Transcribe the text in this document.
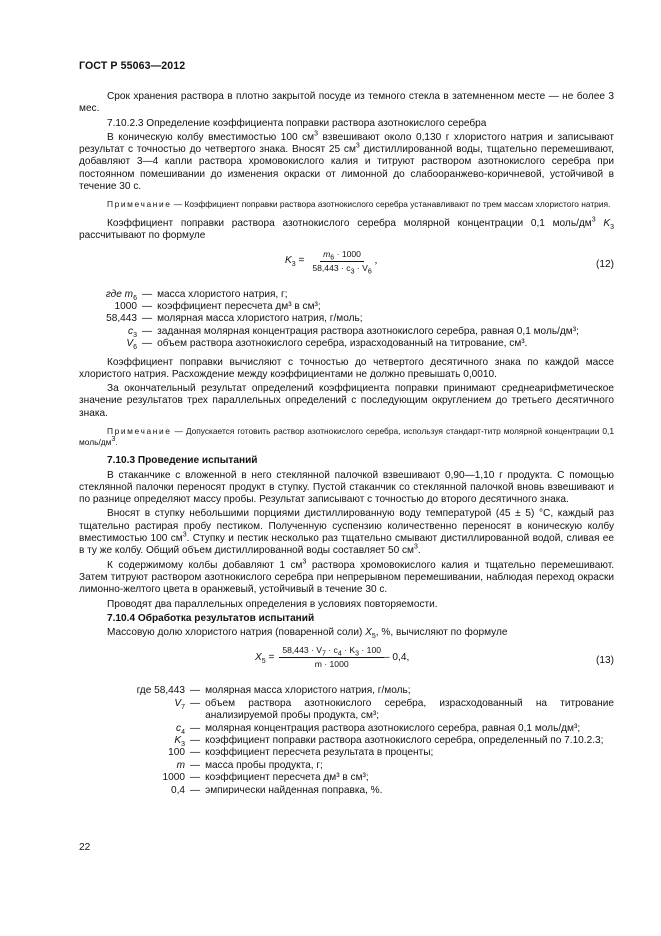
ГОСТ Р 55063—2012

Срок хранения раствора в плотно закрытой посуде из темного стекла в затемненном месте — не более 3 мес.

7.10.2.3 Определение коэффициента поправки раствора азотнокислого серебра

В коническую колбу вместимостью 100 $см^3$ взвешивают около 0,130 г хлористого натрия и записывают результат с точностью до четвертого знака. Вносят 25 $см^3$ дистиллированной воды, тщательно перемешивают, добавляют 3—4 капли раствора хромовокислого калия и титруют раствором азотнокислого серебра при постоянном помешивании до изменения окраски от лимонной до слабооранжево-коричневой, устойчивой в течение 30 с.

Примечание — Коэффициент поправки раствора азотнокислого серебра устанавливают по трем массам хлористого натрия.

Коэффициент поправки раствора азотнокислого серебра молярной концентрации 0,1 моль/$дм^3$ $K_3$ рассчитывают по формуле

$K_3 = \frac{m_6 \cdot 1000}{58,443 \cdot c_3 \cdot V_6}$ ,	(12)
где $m_6$ — масса хлористого натрия, г;
1000 — коэффициент пересчета дм³ в см³;
58,443 — молярная масса хлористого натрия, г/моль;
$c_3$ — заданная молярная концентрация раствора азотнокислого серебра, равная 0,1 моль/дм³;
$V_6$ — объем раствора азотнокислого серебра, израсходованный на титрование, см³.

Коэффициент поправки вычисляют с точностью до четвертого десятичного знака по каждой массе хлористого натрия. Расхождение между коэффициентами не должно превышать 0,0010.

За окончательный результат определений коэффициента поправки принимают среднеарифметическое значение результатов трех параллельных определений с последующим округлением до третьего десятичного знака.

Примечание — Допускается готовить раствор азотнокислого серебра, используя стандарт-титр молярной концентрации 0,1 моль/$дм^3$.

7.10.3 Проведение испытаний

В стаканчике с вложенной в него стеклянной палочкой взвешивают 0,90—1,10 г продукта. С помощью стеклянной палочки переносят продукт в ступку. Пустой стаканчик со стеклянной палочкой вновь взвешивают и по разнице определяют массу пробы. Результат записывают с точностью до второго десятичного знака.

Вносят в ступку небольшими порциями дистиллированную воду температурой (45 ± 5) °С, каждый раз тщательно растирая пробу пестиком. Полученную суспензию количественно переносят в коническую колбу вместимостью 100 $см^3$. Ступку и пестик несколько раз тщательно смывают дистиллированной водой, сливая ее в ту же колбу. Общий объем дистиллированной воды составляет 50 $см^3$.

К содержимому колбы добавляют 1 $см^3$ раствора хромовокислого калия и тщательно перемешивают. Затем титруют раствором азотнокислого серебра при непрерывном перемешивании, наблюдая переход окраски лимонно-желтого цвета в оранжевый, устойчивый в течение 30 с.

Проводят два параллельных определения в условиях повторяемости.

7.10.4 Обработка результатов испытаний

Массовую долю хлористого натрия (поваренной соли) $X_5$, %, вычисляют по формуле

$X_5 = \frac{58,443 \cdot V_7 \cdot c_4 \cdot K_3 \cdot 100}{m \cdot 1000} - 0,4$,	(13)
где 58,443 — молярная масса хлористого натрия, г/моль;
$V_7$ — объем раствора азотнокислого серебра, израсходованный на титрование анализируемой пробы продукта, см³;
$c_4$ — молярная концентрация раствора азотнокислого серебра, равная 0,1 моль/дм³;
$K_3$ — коэффициент поправки раствора азотнокислого серебра, определенный по 7.10.2.3;
100 — коэффициент пересчета результата в проценты;
m — масса пробы продукта, г;
1000 — коэффициент пересчета дм³ в см³;
0,4 — эмпирически найденная поправка, %.
22
